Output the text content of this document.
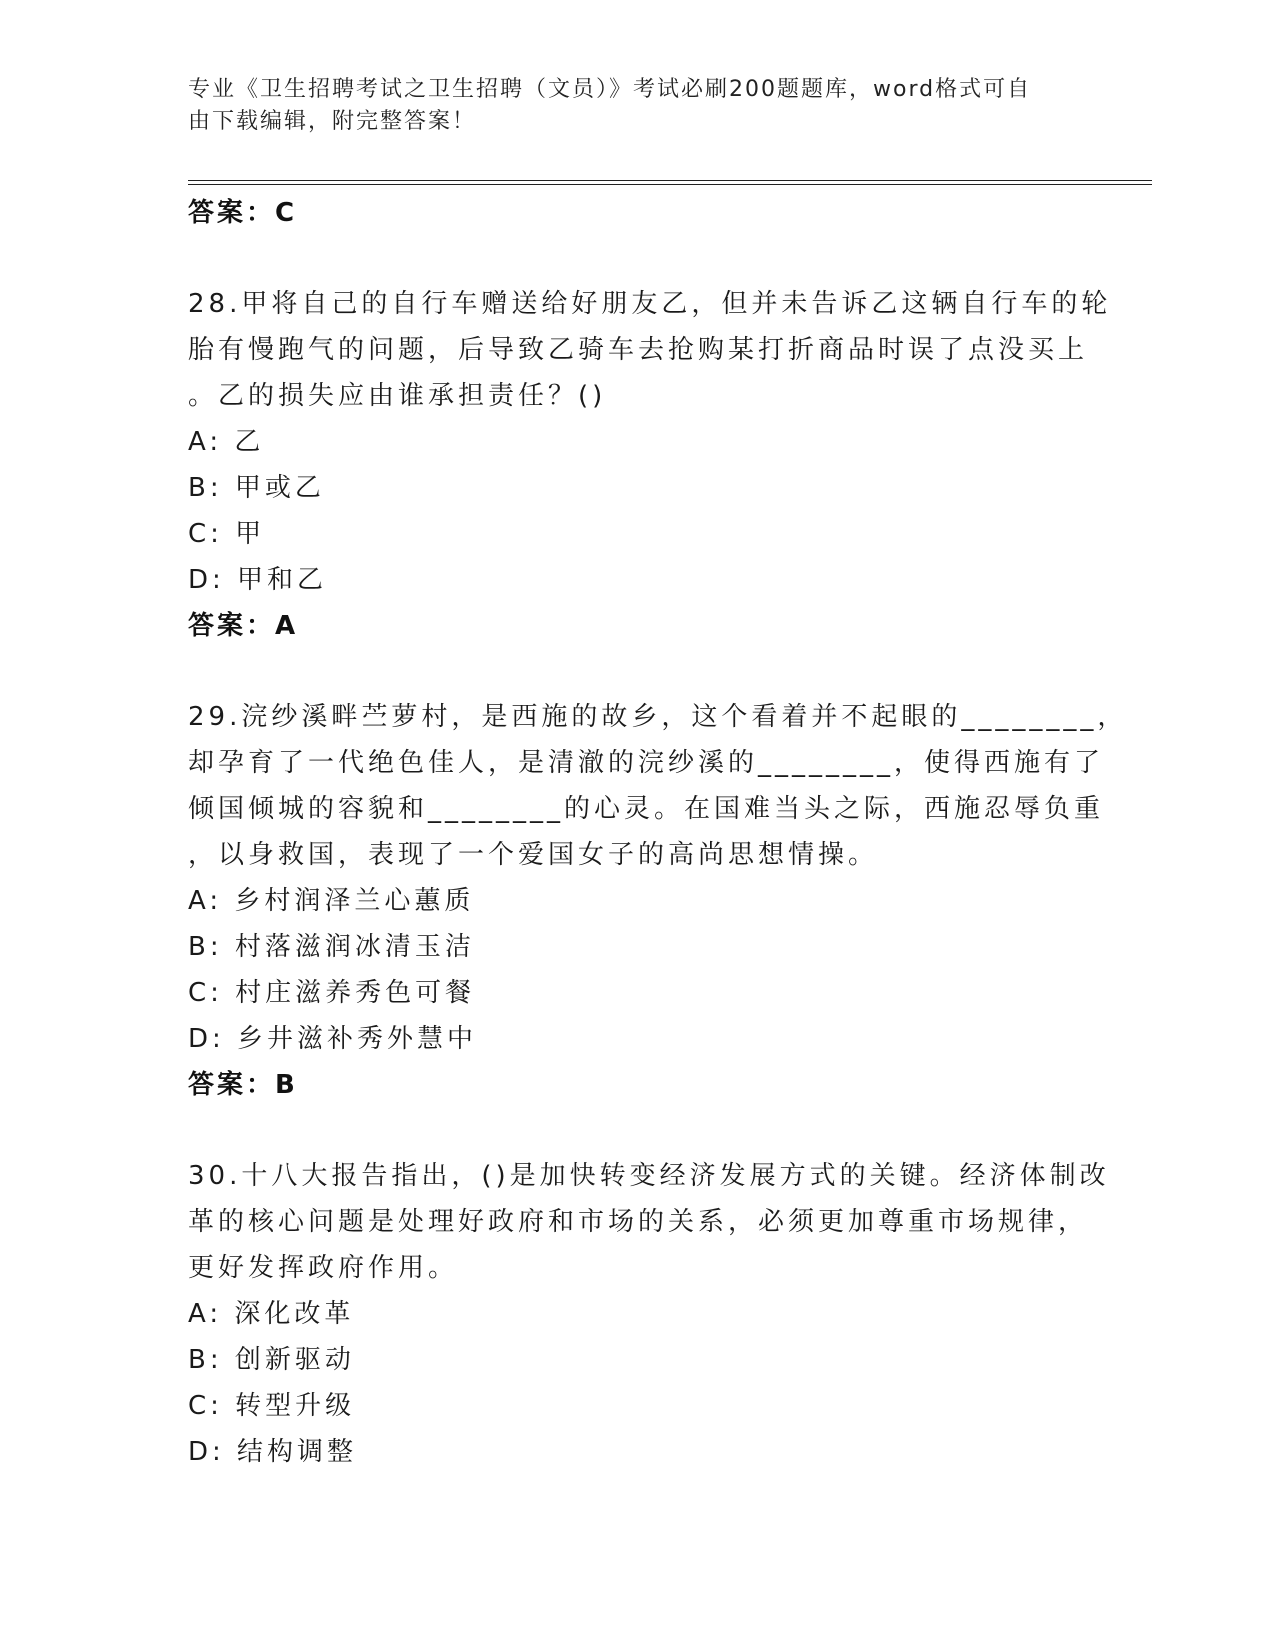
专业《卫生招聘考试之卫生招聘（文员）》考试必刷200题题库，word格式可自
由下载编辑，附完整答案！
答案：C
28.甲将自己的自行车赠送给好朋友乙，但并未告诉乙这辆自行车的轮
胎有慢跑气的问题，后导致乙骑车去抢购某打折商品时误了点没买上
。乙的损失应由谁承担责任？()
A: 乙
B: 甲或乙
C: 甲
D: 甲和乙
答案：A
29.浣纱溪畔苎萝村，是西施的故乡，这个看着并不起眼的________，
却孕育了一代绝色佳人，是清澈的浣纱溪的________，使得西施有了
倾国倾城的容貌和________的心灵。在国难当头之际，西施忍辱负重
，以身救国，表现了一个爱国女子的高尚思想情操。
A: 乡村润泽兰心蕙质
B: 村落滋润冰清玉洁
C: 村庄滋养秀色可餐
D: 乡井滋补秀外慧中
答案：B
30.十八大报告指出，()是加快转变经济发展方式的关键。经济体制改
革的核心问题是处理好政府和市场的关系，必须更加尊重市场规律，
更好发挥政府作用。
A: 深化改革
B: 创新驱动
C: 转型升级
D: 结构调整
